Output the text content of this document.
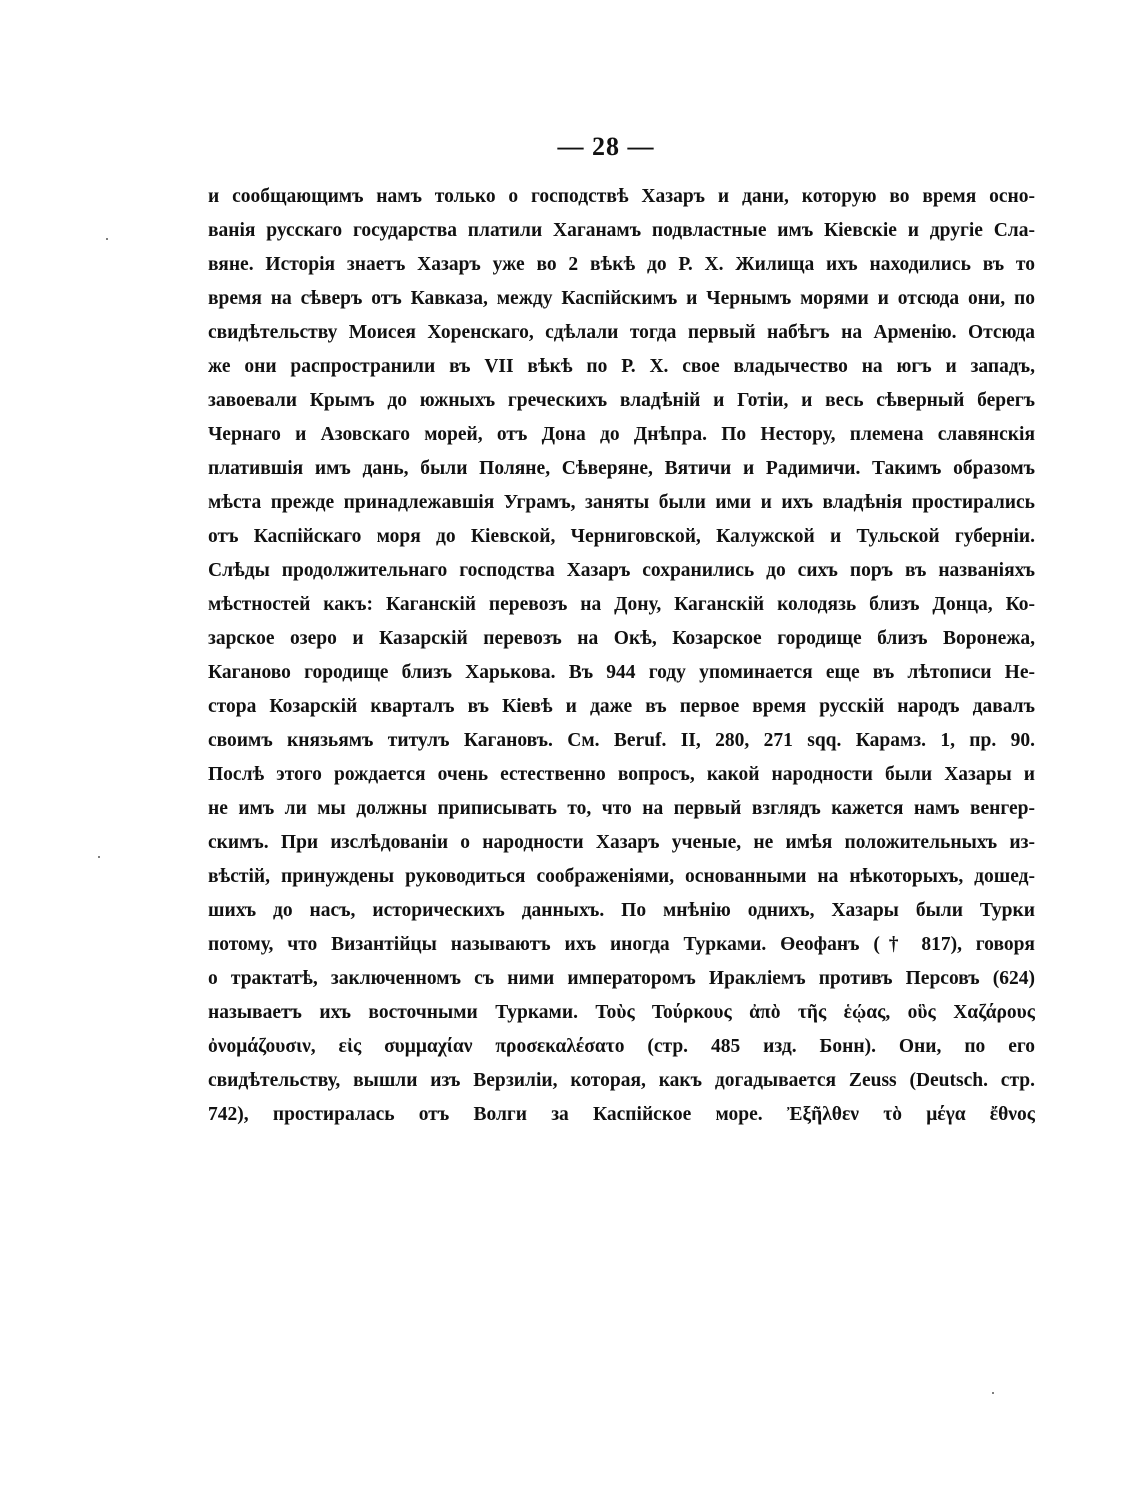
— 28 —
и сообщающимъ намъ только о господствѣ Хазаръ и дани, которую во время осно-
ванія русскаго государства платили Хаганамъ подвластные имъ Кіевскіе и другіе Сла-
вяне. Исторія знаетъ Хазаръ уже во 2 вѣкѣ до Р. Х. Жилища ихъ находились въ то
время на сѣверъ отъ Кавказа, между Каспійскимъ и Чернымъ морями и отсюда они, по
свидѣтельству Моисея Хоренскаго, сдѣлали тогда первый набѣгъ на Арменію. Отсюда
же они распространили въ VII вѣкѣ по Р. Х. свое владычество на югъ и западъ,
завоевали Крымъ до южныхъ греческихъ владѣній и Готіи, и весь сѣверный берегъ
Чернаго и Азовскаго морей, отъ Дона до Днѣпра. По Нестору, племена славянскія
платившія имъ дань, были Поляне, Сѣверяне, Вятичи и Радимичи. Такимъ образомъ
мѣста прежде принадлежавшія Уграмъ, заняты были ими и ихъ владѣнія простирались
отъ Каспійскаго моря до Кіевской, Черниговской, Калужской и Тульской губерніи.
Слѣды продолжительнаго господства Хазаръ сохранились до сихъ поръ въ названіяхъ
мѣстностей какъ: Каганскій перевозъ на Дону, Каганскій колодязь близъ Донца, Ко-
зарское озеро и Казарскій перевозъ на Окѣ, Козарское городище близъ Воронежа,
Каганово городище близъ Харькова. Въ 944 году упоминается еще въ лѣтописи Не-
стора Козарскій кварталъ въ Кіевѣ и даже въ первое время русскій народъ давалъ
своимъ князьямъ титулъ Кагановъ. См. Beruf. II, 280, 271 sqq. Карамз. 1, пр. 90.
Послѣ этого рождается очень естественно вопросъ, какой народности были Хазары и
не имъ ли мы должны приписывать то, что на первый взглядъ кажется намъ венгер-
скимъ. При изслѣдованіи о народности Хазаръ ученые, не имѣя положительныхъ из-
вѣстій, принуждены руководиться соображеніями, основанными на нѣкоторыхъ, дошед-
шихъ до насъ, историческихъ данныхъ. По мнѣнію однихъ, Хазары были Турки
потому, что Византійцы называютъ ихъ иногда Турками. Өеофанъ († 817), говоря
о трактатѣ, заключенномъ съ ними императоромъ Иракліемъ противъ Персовъ (624)
называетъ ихъ восточными Турками. Τοὺς Τούρκους ἀπὸ τῆς ἑῴας, οὓς Χαζάρους
ὀνομάζουσιν, εἰς συμμαχίαν προσεκαλέσατο (стр. 485 изд. Бонн). Они, по его
свидѣтельству, вышли изъ Верзиліи, которая, какъ догадывается Zeuss (Deutsch. стр.
742), простиралась отъ Волги за Каспійское море. Ἐξῆλθεν τὸ μέγα ἔθνος
